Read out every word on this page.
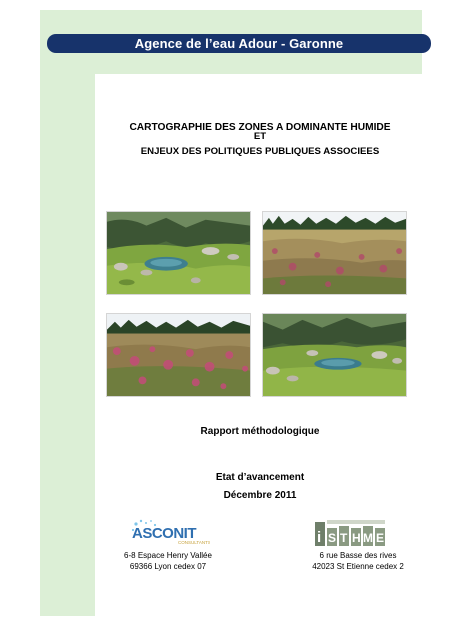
Agence de l’eau Adour - Garonne
CARTOGRAPHIE DES ZONES A DOMINANTE HUMIDE
ET
ENJEUX DES POLITIQUES PUBLIQUES ASSOCIEES
Rapport méthodologique
Etat d’avancement
Décembre 2011
ASCONIT
CONSULTANTS	i S T H M E
6-8 Espace Henry Vallée
69366 Lyon cedex 07
6 rue Basse des rives
42023 St Etienne cedex 2
